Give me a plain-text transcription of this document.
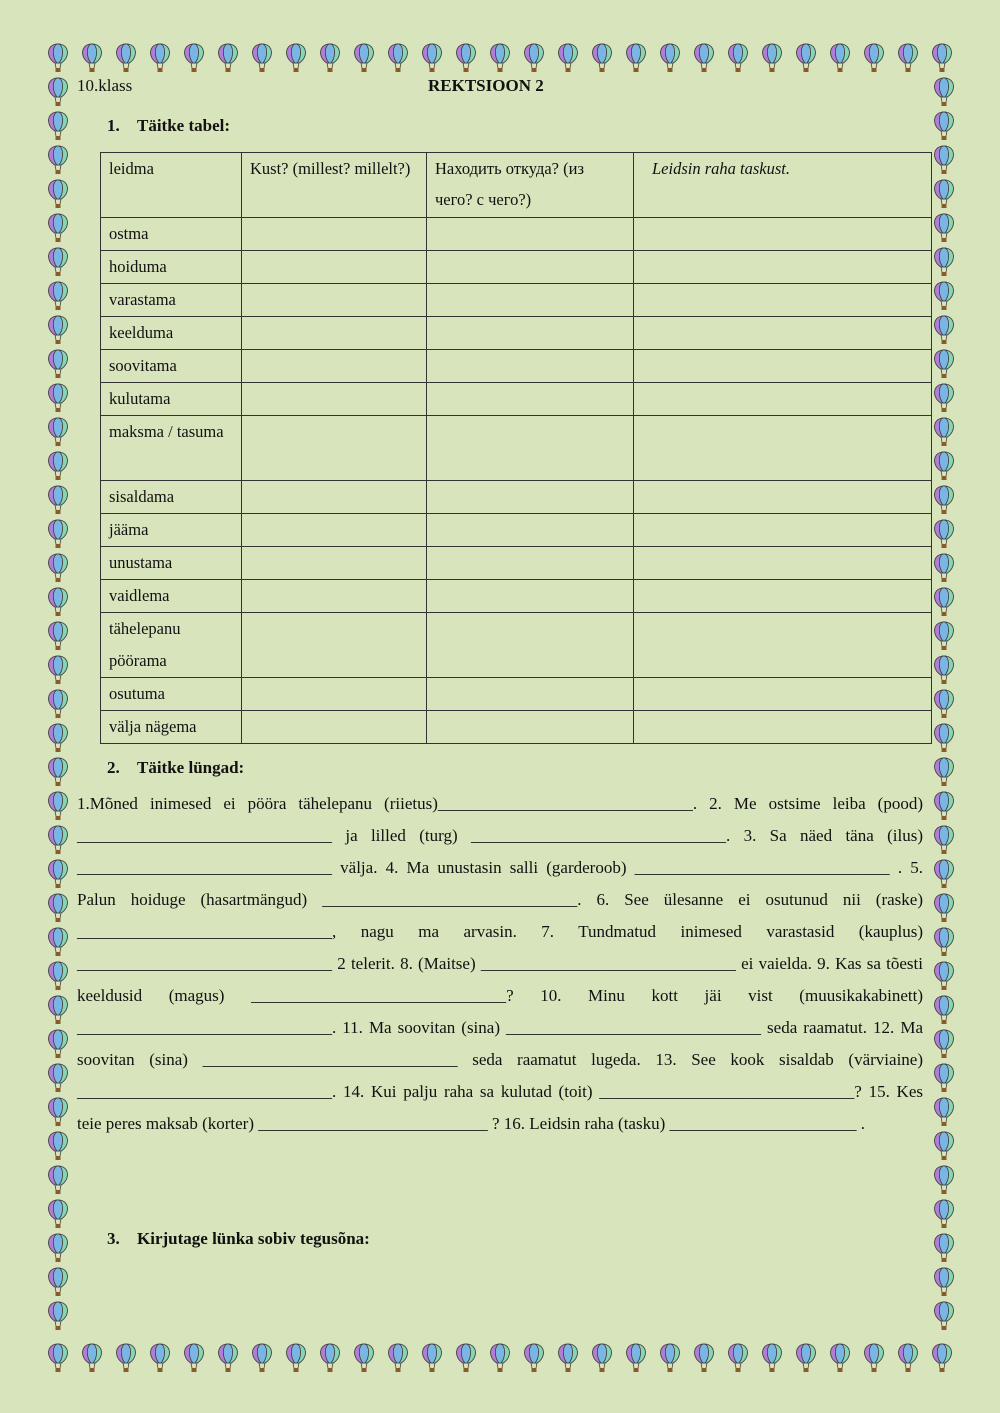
10.klass	REKTSIOON 2
1. Täitke tabel:
leidma	Kust? (millest? millelt?)	Находить откуда? (из чего? с чего?)	Leidsin raha taskust.
ostma			
hoiduma			
varastama			
keelduma			
soovitama			
kulutama			
maksma / tasuma			
sisaldama			
jääma			
unustama			
vaidlema			
tähelepanu pöörama			
osutuma			
välja nägema			
2. Täitke lüngad:
1.Mõned inimesed ei pööra tähelepanu (riietus)______________________________. 2. Me ostsime leiba (pood) ______________________________ ja lilled (turg) ______________________________. 3. Sa näed täna (ilus) ______________________________ välja. 4. Ma unustasin salli (garderoob) ______________________________ . 5. Palun hoiduge (hasartmängud) ______________________________. 6. See ülesanne ei osutunud nii (raske) ______________________________, nagu ma arvasin. 7. Tundmatud inimesed varastasid (kauplus) ______________________________ 2 telerit. 8. (Maitse) ______________________________ ei vaielda. 9. Kas sa tõesti keeldusid (magus) ______________________________? 10. Minu kott jäi vist (muusikakabinett) ______________________________. 11. Ma soovitan (sina) ______________________________ seda raamatut. 12. Ma soovitan (sina) ______________________________ seda raamatut lugeda. 13. See kook sisaldab (värviaine) ______________________________. 14. Kui palju raha sa kulutad (toit) ______________________________? 15. Kes teie peres maksab (korter) ___________________________ ? 16. Leidsin raha (tasku) ______________________ .
3. Kirjutage lünka sobiv tegusõna:
